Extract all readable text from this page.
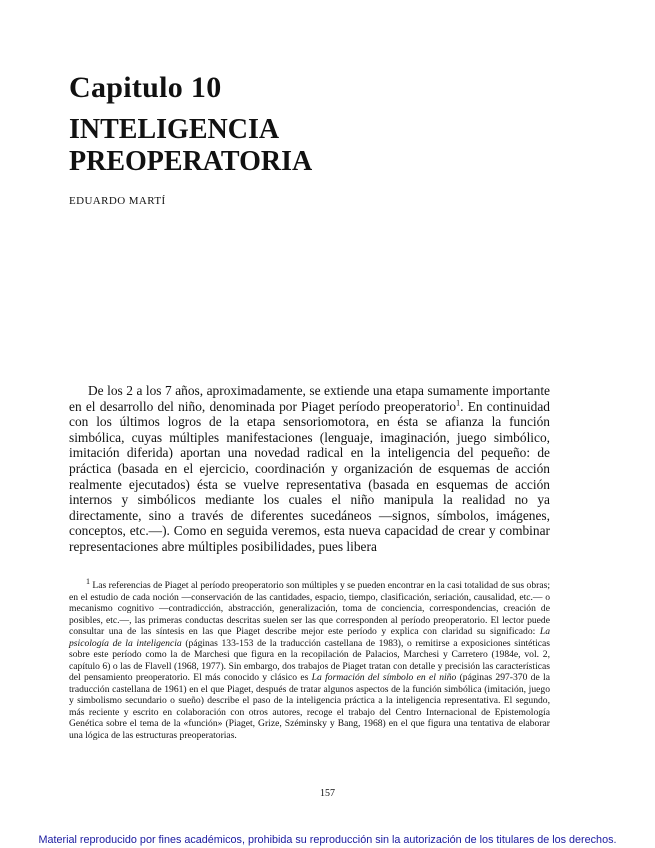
Capitulo 10
INTELIGENCIA
PREOPERATORIA
EDUARDO MARTÍ

De los 2 a los 7 años, aproximadamente, se extiende una etapa sumamente importante en el desarrollo del niño, denominada por Piaget período preoperatorio$^1$. En continuidad con los últimos logros de la etapa sensoriomotora, en ésta se afianza la función simbólica, cuyas múltiples manifestaciones (lenguaje, imaginación, juego simbólico, imitación diferida) aportan una novedad radical en la inteligencia del pequeño: de práctica (basada en el ejercicio, coordinación y organización de esquemas de acción realmente ejecutados) ésta se vuelve representativa (basada en esquemas de acción internos y simbólicos mediante los cuales el niño manipula la realidad no ya directamente, sino a través de diferentes sucedáneos —signos, símbolos, imágenes, conceptos, etc.—). Como en seguida veremos, esta nueva capacidad de crear y combinar representaciones abre múltiples posibilidades, pues libera

$^1$ Las referencias de Piaget al período preoperatorio son múltiples y se pueden encontrar en la casi totalidad de sus obras; en el estudio de cada noción —conservación de las cantidades, espacio, tiempo, clasificación, seriación, causalidad, etc.— o mecanismo cognitivo —contradicción, abstracción, generalización, toma de conciencia, correspondencias, creación de posibles, etc.—, las primeras conductas descritas suelen ser las que corresponden al período preoperatorio. El lector puede consultar una de las síntesis en las que Piaget describe mejor este período y explica con claridad su significado: La psicología de la inteligencia (páginas 133-153 de la traducción castellana de 1983), o remitirse a exposiciones sintéticas sobre este período como la de Marchesi que figura en la recopilación de Palacios, Marchesi y Carretero (1984e, vol. 2, capítulo 6) o las de Flavell (1968, 1977). Sin embargo, dos trabajos de Piaget tratan con detalle y precisión las características del pensamiento preoperatorio. El más conocido y clásico es La formación del símbolo en el niño (páginas 297-370 de la traducción castellana de 1961) en el que Piaget, después de tratar algunos aspectos de la función simbólica (imitación, juego y simbolismo secundario o sueño) describe el paso de la inteligencia práctica a la inteligencia representativa. El segundo, más reciente y escrito en colaboración con otros autores, recoge el trabajo del Centro Internacional de Epistemología Genética sobre el tema de la «función» (Piaget, Grize, Széminsky y Bang, 1968) en el que figura una tentativa de elaborar una lógica de las estructuras preoperatorias.

157
Material reproducido por fines académicos, prohibida su reproducción sin la autorización de los titulares de los derechos.
